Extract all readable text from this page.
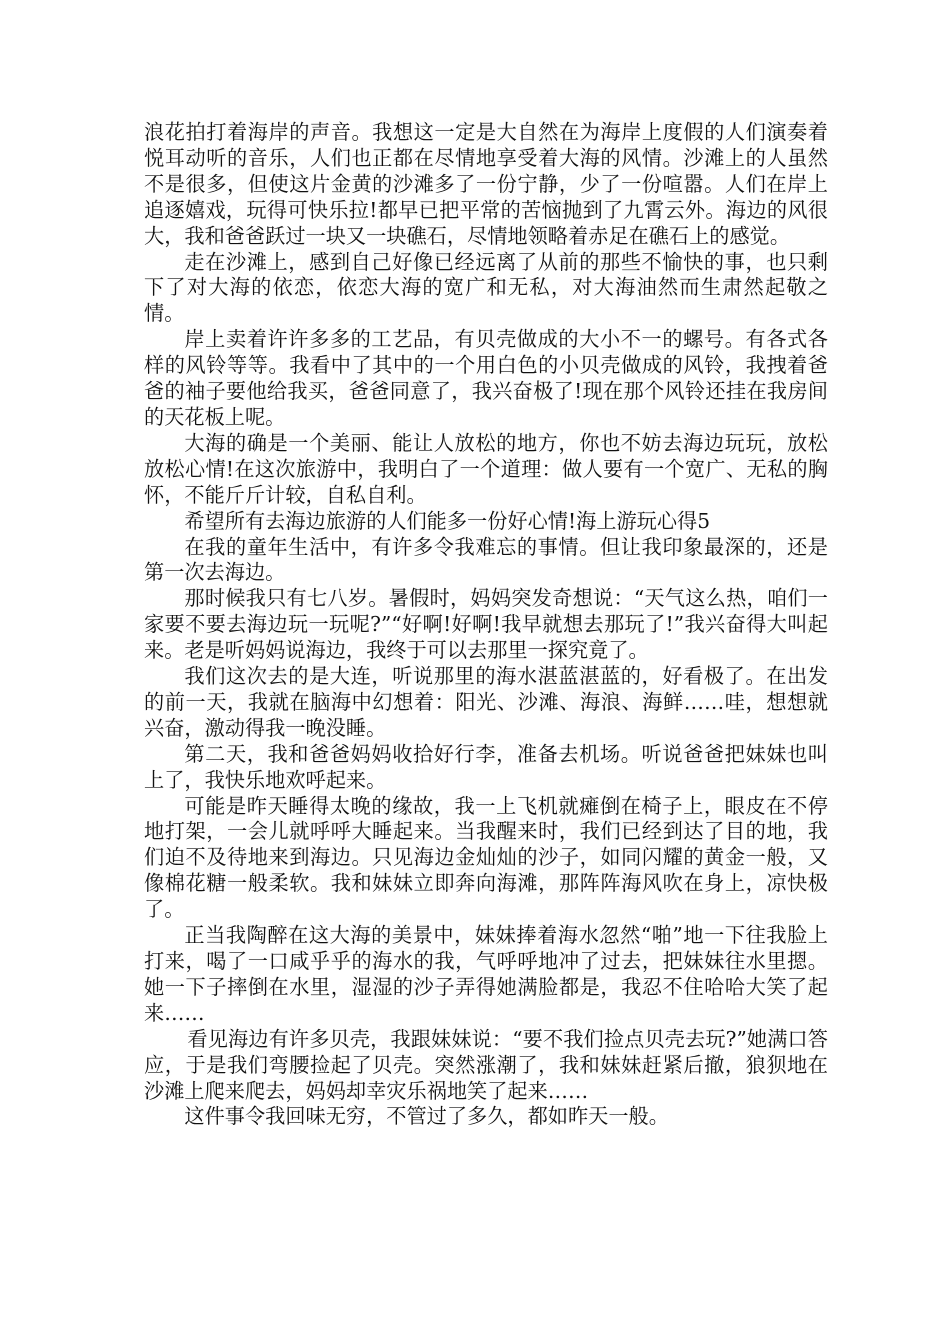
浪花拍打着海岸的声音。我想这一定是大自然在为海岸上度假的人们演奏着悦耳动听的音乐，人们也正都在尽情地享受着大海的风情。沙滩上的人虽然不是很多，但使这片金黄的沙滩多了一份宁静，少了一份喧嚣。人们在岸上追逐嬉戏，玩得可快乐拉!都早已把平常的苦恼抛到了九霄云外。海边的风很大，我和爸爸跃过一块又一块礁石，尽情地领略着赤足在礁石上的感觉。

走在沙滩上，感到自己好像已经远离了从前的那些不愉快的事，也只剩下了对大海的依恋，依恋大海的宽广和无私，对大海油然而生肃然起敬之情。

岸上卖着许许多多的工艺品，有贝壳做成的大小不一的螺号。有各式各样的风铃等等。我看中了其中的一个用白色的小贝壳做成的风铃，我拽着爸爸的袖子要他给我买，爸爸同意了，我兴奋极了!现在那个风铃还挂在我房间的天花板上呢。

大海的确是一个美丽、能让人放松的地方，你也不妨去海边玩玩，放松放松心情!在这次旅游中，我明白了一个道理：做人要有一个宽广、无私的胸怀，不能斤斤计较，自私自利。

希望所有去海边旅游的人们能多一份好心情!海上游玩心得5

在我的童年生活中，有许多令我难忘的事情。但让我印象最深的，还是第一次去海边。

那时候我只有七八岁。暑假时，妈妈突发奇想说：“天气这么热，咱们一家要不要去海边玩一玩呢?”“好啊!好啊!我早就想去那玩了!”我兴奋得大叫起来。老是听妈妈说海边，我终于可以去那里一探究竟了。

我们这次去的是大连，听说那里的海水湛蓝湛蓝的，好看极了。在出发的前一天，我就在脑海中幻想着：阳光、沙滩、海浪、海鲜……哇，想想就兴奋，激动得我一晚没睡。

第二天，我和爸爸妈妈收拾好行李，准备去机场。听说爸爸把妹妹也叫上了，我快乐地欢呼起来。

可能是昨天睡得太晚的缘故，我一上飞机就瘫倒在椅子上，眼皮在不停地打架，一会儿就呼呼大睡起来。当我醒来时，我们已经到达了目的地，我们迫不及待地来到海边。只见海边金灿灿的沙子，如同闪耀的黄金一般，又像棉花糖一般柔软。我和妹妹立即奔向海滩，那阵阵海风吹在身上，凉快极了。

正当我陶醉在这大海的美景中，妹妹捧着海水忽然“啪”地一下往我脸上打来，喝了一口咸乎乎的海水的我，气呼呼地冲了过去，把妹妹往水里摁。她一下子摔倒在水里，湿湿的沙子弄得她满脸都是，我忍不住哈哈大笑了起来……

看见海边有许多贝壳，我跟妹妹说：“要不我们捡点贝壳去玩?”她满口答应，于是我们弯腰捡起了贝壳。突然涨潮了，我和妹妹赶紧后撤，狼狈地在沙滩上爬来爬去，妈妈却幸灾乐祸地笑了起来……

这件事令我回味无穷，不管过了多久，都如昨天一般。
